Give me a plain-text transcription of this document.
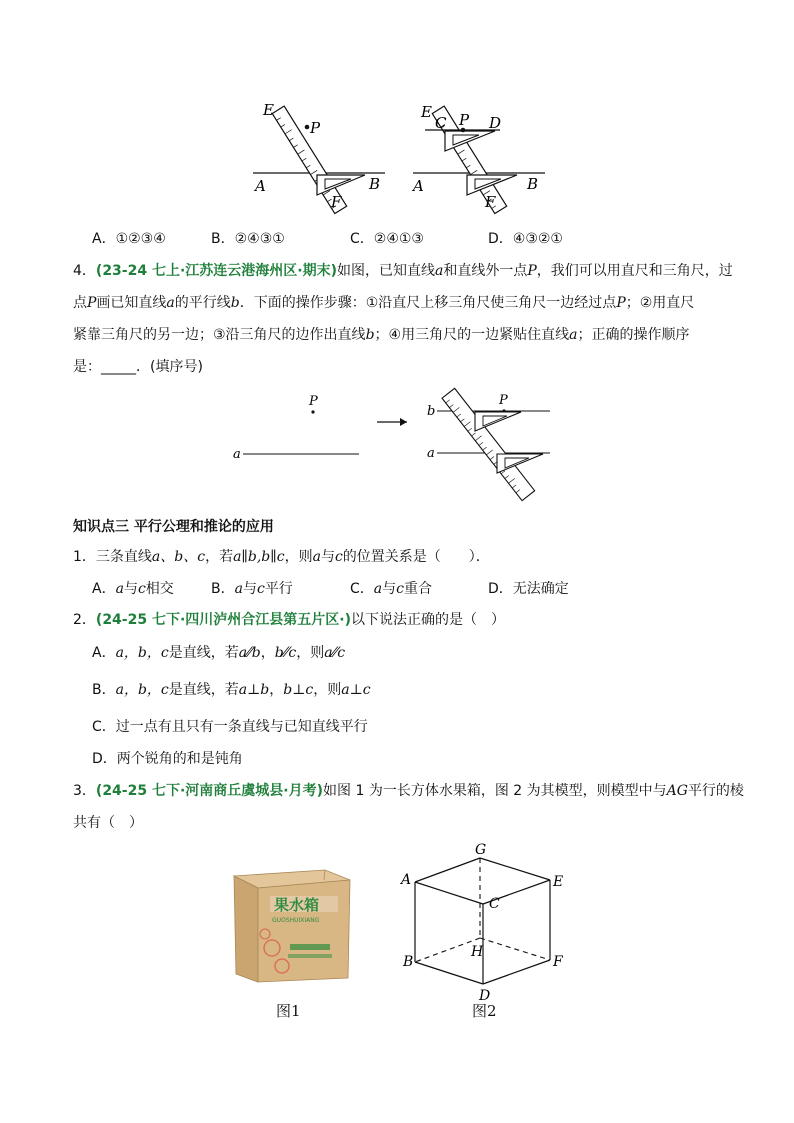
E
P
A	B
F
E
C P D
A	B
F
A．①②③④	B．②④③①	C．②④①③	D．④③②①
4．(23-24 七上·江苏连云港海州区·期末)如图，已知直线a和直线外一点P，我们可以用直尺和三角尺，过
点P画已知直线a的平行线b．下面的操作步骤：①沿直尺上移三角尺使三角尺一边经过点P；②用直尺
紧靠三角尺的另一边；③沿三角尺的边作出直线b；④用三角尺的一边紧贴住直线a；正确的操作顺序
是：_____．(填序号)
P
a
b
a
P
知识点三 平行公理和推论的应用
1．三条直线a、b、c，若a∥b,b∥c，则a与c的位置关系是（　　）．
A．a与c相交	B．a与c平行	C．a与c重合	D．无法确定
2．(24-25 七下·四川泸州合江县第五片区·)以下说法正确的是（　）
A．a，b，c是直线，若a⁄⁄b，b⁄⁄c，则a⁄⁄c
B．a，b，c是直线，若a⊥b，b⊥c，则a⊥c
C．过一点有且只有一条直线与已知直线平行
D．两个锐角的和是钝角
3．(24-25 七下·河南商丘虞城县·月考)如图 1 为一长方体水果箱，图 2 为其模型，则模型中与AG平行的棱
共有（　）
果水箱
GUOSHUIXIANG
图1
G
A	E
C
B
H
F
D
图2
